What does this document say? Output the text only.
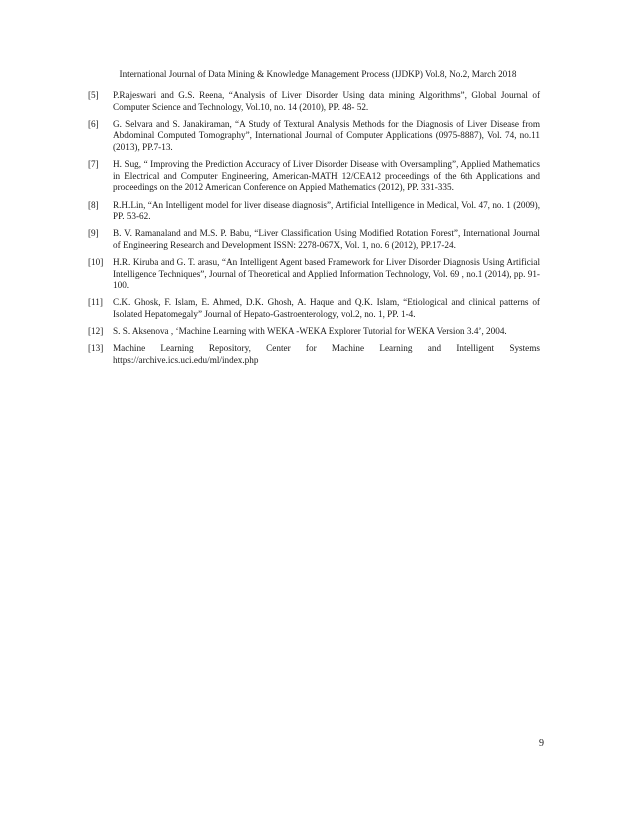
International Journal of Data Mining & Knowledge Management Process (IJDKP) Vol.8, No.2, March 2018
[5]	P.Rajeswari and G.S. Reena, “Analysis of Liver Disorder Using data mining Algorithms”, Global Journal of Computer Science and Technology, Vol.10, no. 14 (2010), PP. 48- 52.
[6]	G. Selvara and S. Janakiraman, “A Study of Textural Analysis Methods for the Diagnosis of Liver Disease from Abdominal Computed Tomography”, International Journal of Computer Applications (0975-8887), Vol. 74, no.11 (2013), PP.7-13.
[7]	H. Sug, “ Improving the Prediction Accuracy of Liver Disorder Disease with Oversampling”, Applied Mathematics in Electrical and Computer Engineering, American-MATH 12/CEA12 proceedings of the 6th Applications and proceedings on the 2012 American Conference on Appied Mathematics (2012), PP. 331-335.
[8]	R.H.Lin, “An Intelligent model for liver disease diagnosis”, Artificial Intelligence in Medical, Vol. 47, no. 1 (2009), PP. 53-62.
[9]	B. V. Ramanaland and M.S. P. Babu, “Liver Classification Using Modified Rotation Forest”, International Journal of Engineering Research and Development ISSN: 2278-067X, Vol. 1, no. 6 (2012), PP.17-24.
[10]	H.R. Kiruba and G. T. arasu, “An Intelligent Agent based Framework for Liver Disorder Diagnosis Using Artificial Intelligence Techniques”, Journal of Theoretical and Applied Information Technology, Vol. 69 , no.1 (2014), pp. 91-100.
[11]	C.K. Ghosk, F. Islam, E. Ahmed, D.K. Ghosh, A. Haque and Q.K. Islam, “Etiological and clinical patterns of Isolated Hepatomegaly” Journal of Hepato-Gastroenterology, vol.2, no. 1, PP. 1-4.
[12]	S. S. Aksenova , ‘Machine Learning with WEKA -WEKA Explorer Tutorial for WEKA Version 3.4’, 2004.
[13]	Machine Learning Repository, Center for Machine Learning and Intelligent Systems https://archive.ics.uci.edu/ml/index.php
9
